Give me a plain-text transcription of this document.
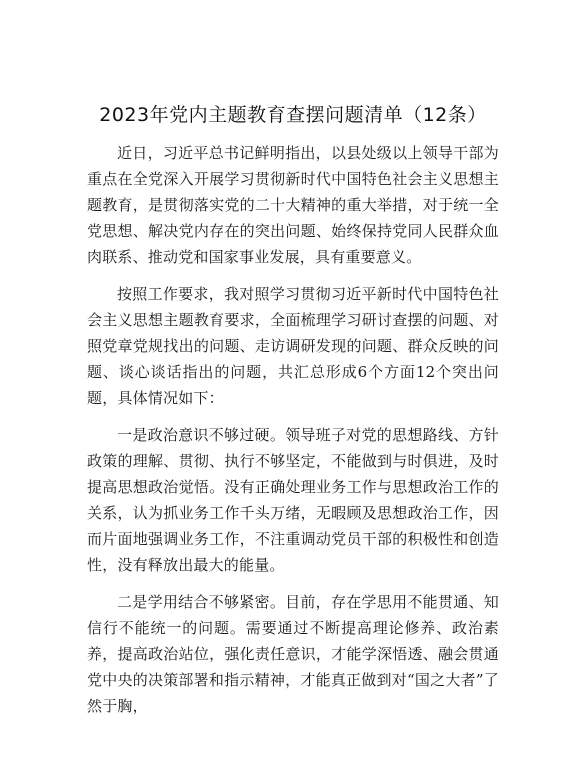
2023年党内主题教育查摆问题清单（12条）

近日，习近平总书记鲜明指出，以县处级以上领导干部为重点在全党深入开展学习贯彻新时代中国特色社会主义思想主题教育，是贯彻落实党的二十大精神的重大举措，对于统一全党思想、解决党内存在的突出问题、始终保持党同人民群众血肉联系、推动党和国家事业发展，具有重要意义。

按照工作要求，我对照学习贯彻习近平新时代中国特色社会主义思想主题教育要求，全面梳理学习研讨查摆的问题、对照党章党规找出的问题、走访调研发现的问题、群众反映的问题、谈心谈话指出的问题，共汇总形成6个方面12个突出问题，具体情况如下：

一是政治意识不够过硬。领导班子对党的思想路线、方针政策的理解、贯彻、执行不够坚定，不能做到与时俱进，及时提高思想政治觉悟。没有正确处理业务工作与思想政治工作的关系，认为抓业务工作千头万绪，无暇顾及思想政治工作，因而片面地强调业务工作，不注重调动党员干部的积极性和创造性，没有释放出最大的能量。

二是学用结合不够紧密。目前，存在学思用不能贯通、知信行不能统一的问题。需要通过不断提高理论修养、政治素养，提高政治站位，强化责任意识，才能学深悟透、融会贯通党中央的决策部署和指示精神，才能真正做到对“国之大者”了然于胸，
